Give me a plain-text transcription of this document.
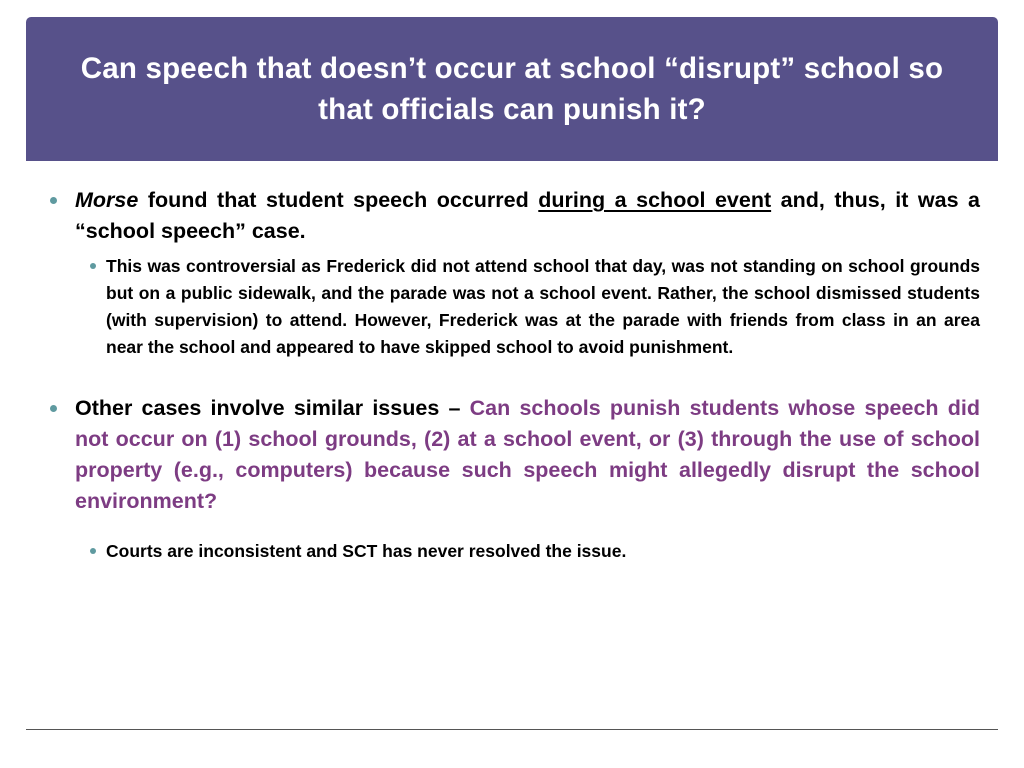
Can speech that doesn’t occur at school “disrupt” school so that officials can punish it?
Morse found that student speech occurred during a school event and, thus, it was a “school speech” case.
This was controversial as Frederick did not attend school that day, was not standing on school grounds but on a public sidewalk, and the parade was not a school event. Rather, the school dismissed students (with supervision) to attend. However, Frederick was at the parade with friends from class in an area near the school and appeared to have skipped school to avoid punishment.
Other cases involve similar issues – Can schools punish students whose speech did not occur on (1) school grounds, (2) at a school event, or (3) through the use of school property (e.g., computers) because such speech might allegedly disrupt the school environment?
Courts are inconsistent and SCT has never resolved the issue.
